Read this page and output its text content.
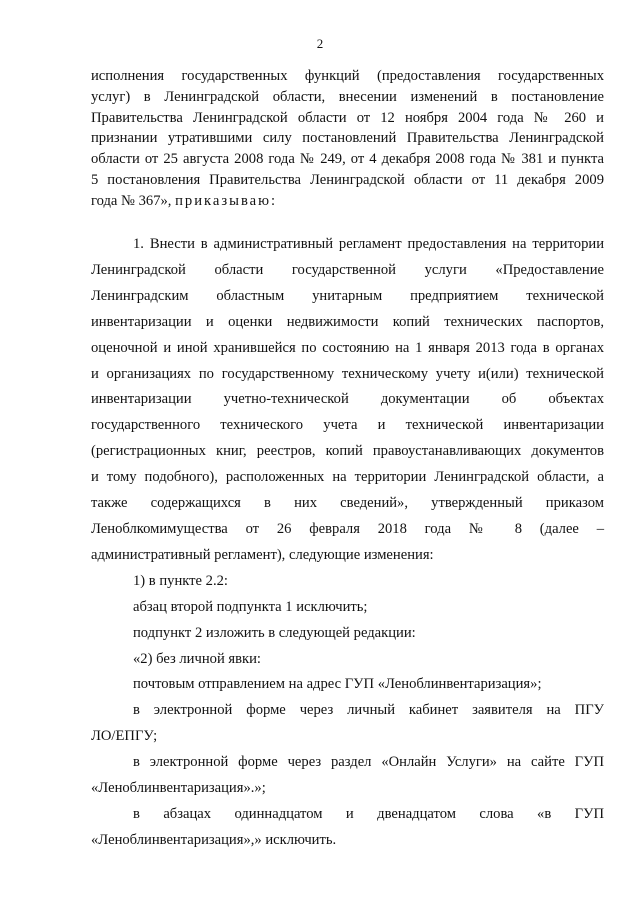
2
исполнения государственных функций (предоставления государственных
услуг) в Ленинградской области, внесении изменений в постановление
Правительства Ленинградской области от 12 ноября 2004 года № 260 и
признании утратившими силу постановлений Правительства Ленинградской
области от 25 августа 2008 года № 249, от 4 декабря 2008 года № 381 и пункта
5 постановления Правительства Ленинградской области от 11 декабря 2009
года № 367», приказываю:
1. Внести в административный регламент предоставления на территории
Ленинградской области государственной услуги «Предоставление
Ленинградским областным унитарным предприятием технической
инвентаризации и оценки недвижимости копий технических паспортов,
оценочной и иной хранившейся по состоянию на 1 января 2013 года в органах
и организациях по государственному техническому учету и(или) технической
инвентаризации учетно-технической документации об объектах
государственного технического учета и технической инвентаризации
(регистрационных книг, реестров, копий правоустанавливающих документов
и тому подобного), расположенных на территории Ленинградской области, а
также содержащихся в них сведений», утвержденный приказом
Леноблкомимущества от 26 февраля 2018 года № 8 (далее –
административный регламент), следующие изменения:
1) в пункте 2.2:
абзац второй подпункта 1 исключить;
подпункт 2 изложить в следующей редакции:
«2) без личной явки:
почтовым отправлением на адрес ГУП «Леноблинвентаризация»;
в электронной форме через личный кабинет заявителя на ПГУ
ЛО/ЕПГУ;
в электронной форме через раздел «Онлайн Услуги» на сайте ГУП
«Леноблинвентаризация».»;
в абзацах одиннадцатом и двенадцатом слова «в ГУП
«Леноблинвентаризация»,» исключить.
